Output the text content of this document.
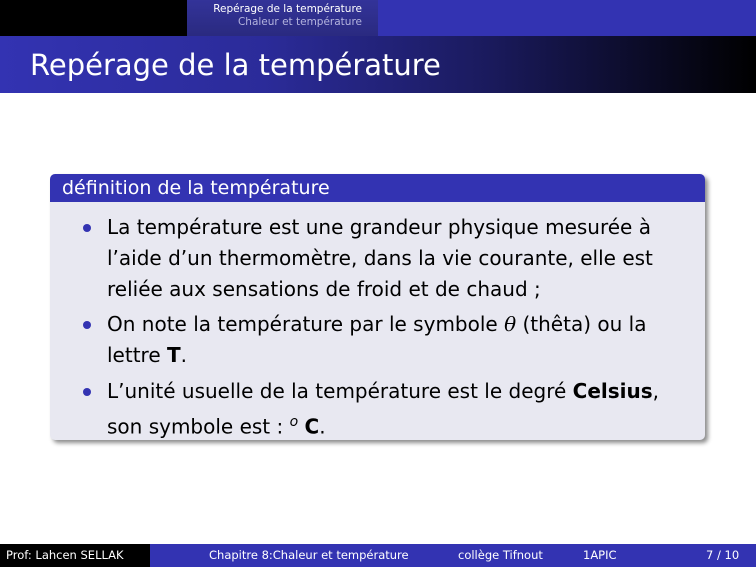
Repérage de la température
Chaleur et température
Repérage de la température
définition de la température
La température est une grandeur physique mesurée à
l’aide d’un thermomètre, dans la vie courante, elle est
reliée aux sensations de froid et de chaud ;
On note la température par le symbole θ (thêta) ou la
lettre T.
L’unité usuelle de la température est le degré Celsius,
son symbole est : $^o$ C.
Prof: Lahcen SELLAK	Chapitre 8:Chaleur et température	collège Tifnout	1APIC	7 / 10
